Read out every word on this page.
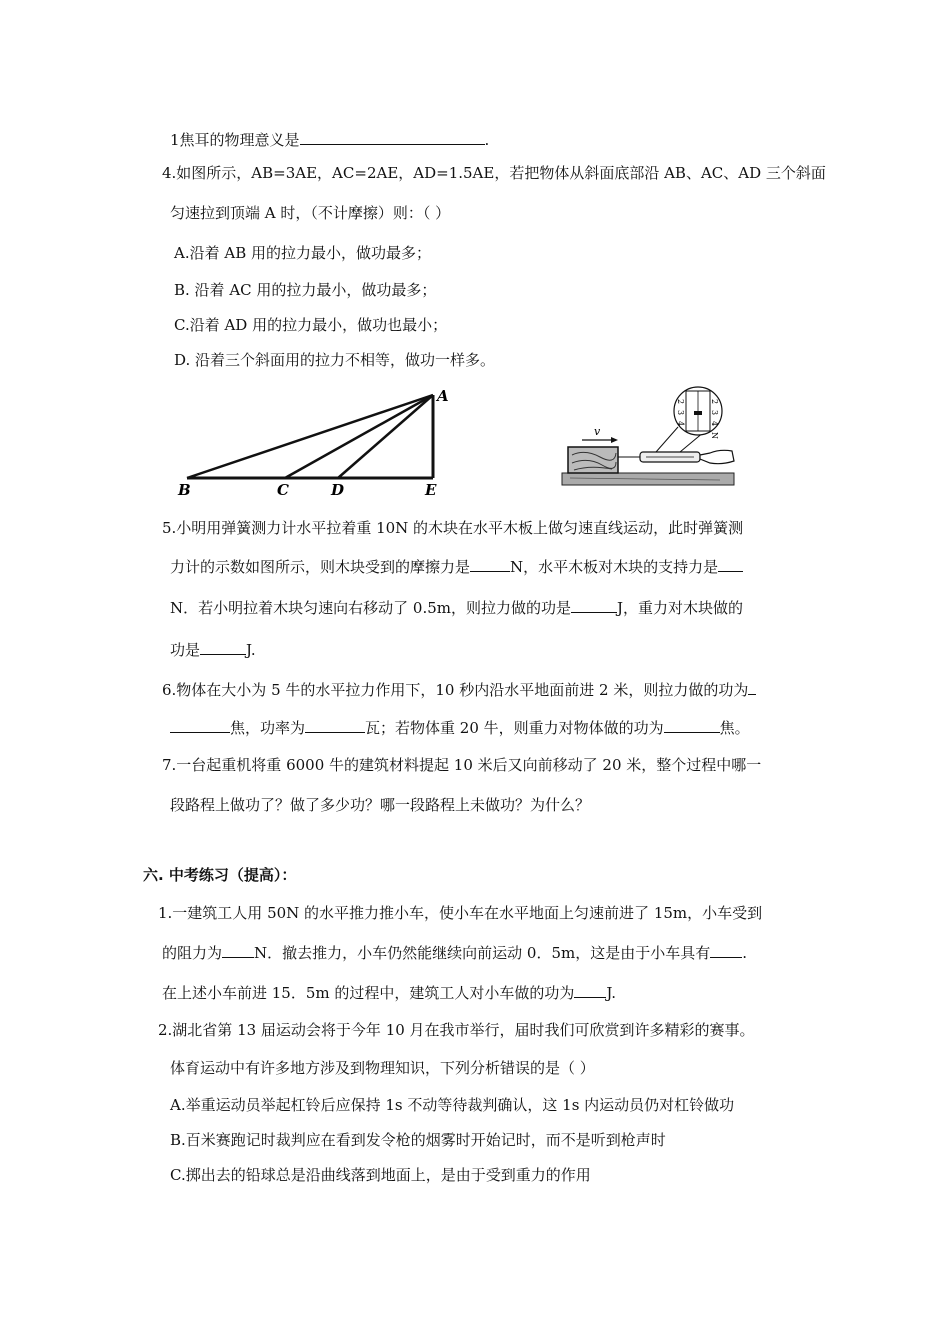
1焦耳的物理意义是	.
4.如图所示，AB=3AE，AC=2AE，AD=1.5AE，若把物体从斜面底部沿 AB、AC、AD 三个斜面
匀速拉到顶端 A 时，（不计摩擦）则：（ ）
A.沿着 AB 用的拉力最小，做功最多；
B. 沿着 AC 用的拉力最小，做功最多；
C.沿着 AD 用的拉力最小，做功也最小；
D. 沿着三个斜面用的拉力不相等，做功一样多。
A
B	C	D	E
v
2
3
4
2
3
4
N
5.小明用弹簧测力计水平拉着重 10N 的木块在水平木板上做匀速直线运动，此时弹簧测
力计的示数如图所示，则木块受到的摩擦力是	N，水平木板对木块的支持力是
N．若小明拉着木块匀速向右移动了 0.5m，则拉力做的功是	J，重力对木块做的
功是	J.
6.物体在大小为 5 牛的水平拉力作用下，10 秒内沿水平地面前进 2 米，则拉力做的功为
焦，功率为	瓦；若物体重 20 牛，则重力对物体做的功为	焦。
7.一台起重机将重 6000 牛的建筑材料提起 10 米后又向前移动了 20 米，整个过程中哪一
段路程上做功了？做了多少功？哪一段路程上未做功？为什么？
六. 中考练习（提高）：
1.一建筑工人用 50N 的水平推力推小车，使小车在水平地面上匀速前进了 15m，小车受到
的阻力为 N．撤去推力，小车仍然能继续向前运动 0．5m，这是由于小车具有 .
在上述小车前进 15．5m 的过程中，建筑工人对小车做的功为 J.
2.湖北省第 13 届运动会将于今年 10 月在我市举行，届时我们可欣赏到许多精彩的赛事。
体育运动中有许多地方涉及到物理知识，下列分析错误的是（ ）
A.举重运动员举起杠铃后应保持 1s 不动等待裁判确认，这 1s 内运动员仍对杠铃做功
B.百米赛跑记时裁判应在看到发令枪的烟雾时开始记时，而不是听到枪声时
C.掷出去的铅球总是沿曲线落到地面上，是由于受到重力的作用
